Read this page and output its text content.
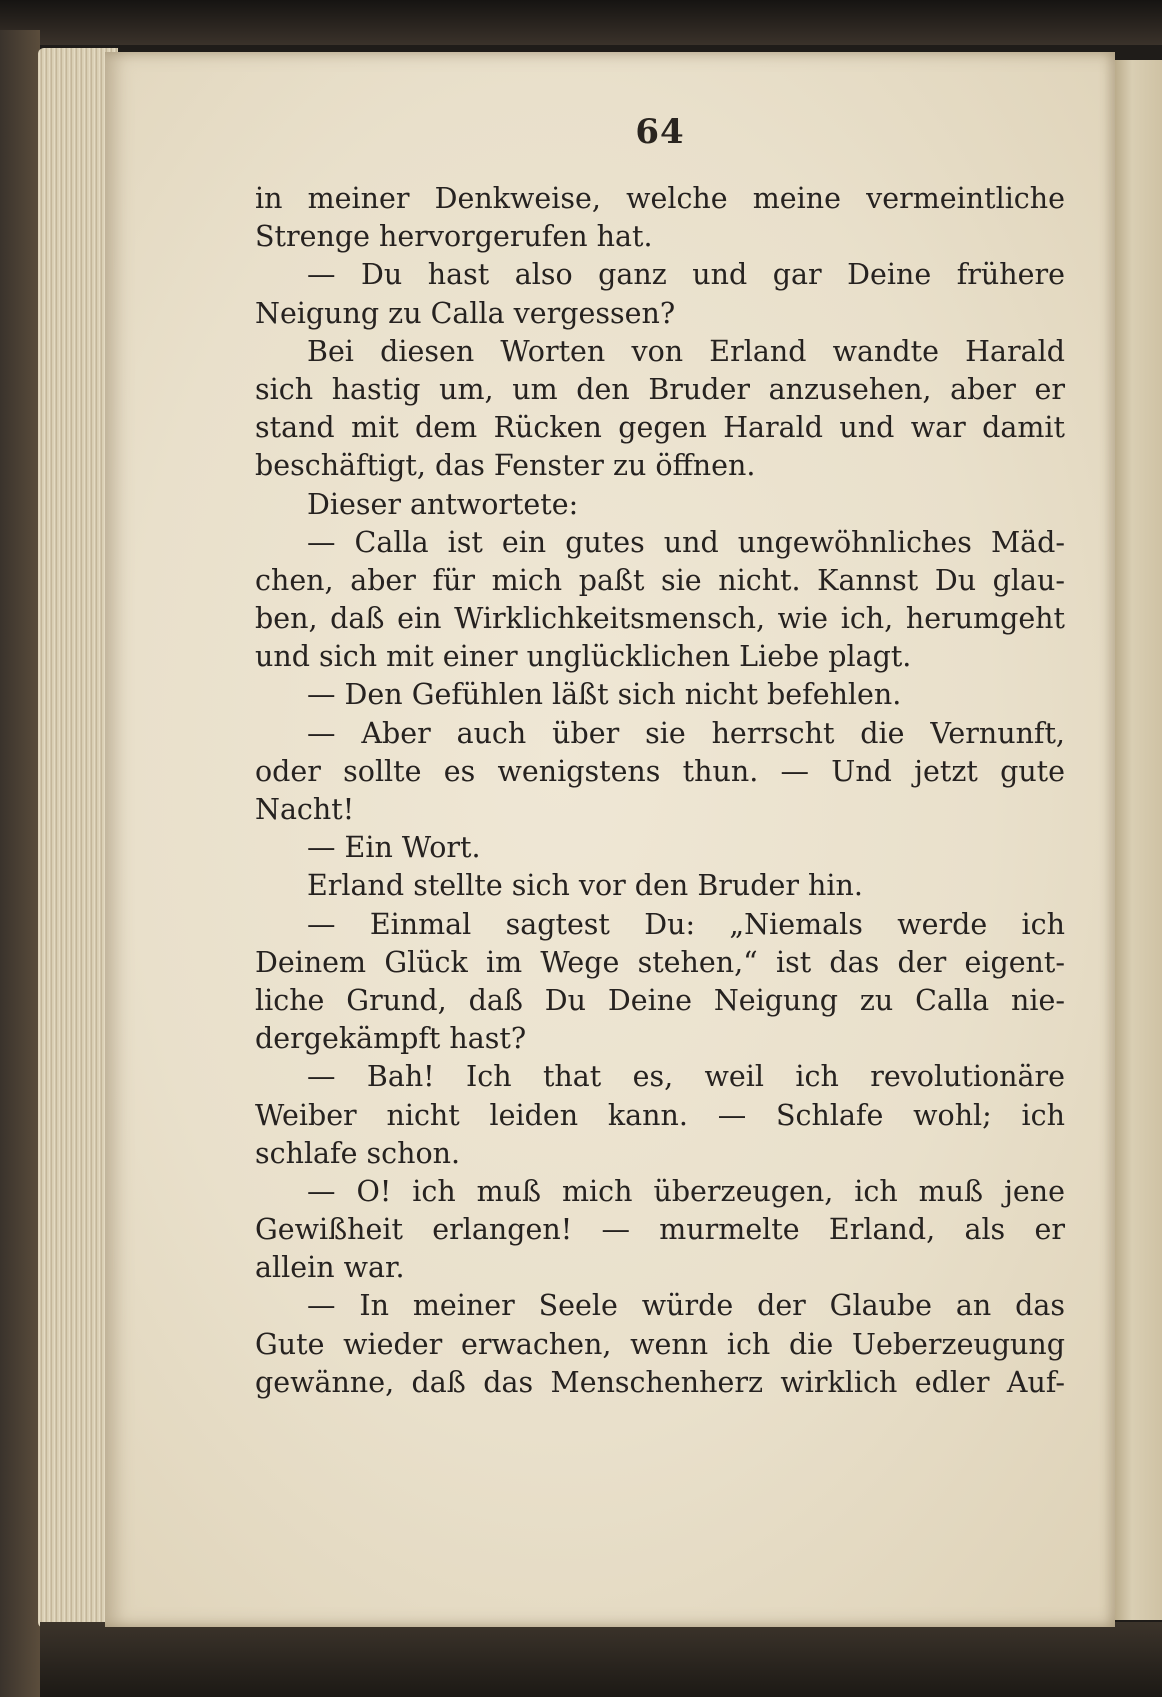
64
in meiner Denkweise, welche meine vermeintliche
Strenge hervorgerufen hat.
— Du hast also ganz und gar Deine frühere
Neigung zu Calla vergessen?
Bei diesen Worten von Erland wandte Harald
sich hastig um, um den Bruder anzusehen, aber er
stand mit dem Rücken gegen Harald und war damit
beschäftigt, das Fenster zu öffnen.
Dieser antwortete:
— Calla ist ein gutes und ungewöhnliches Mäd-
chen, aber für mich paßt sie nicht. Kannst Du glau-
ben, daß ein Wirklichkeitsmensch, wie ich, herumgeht
und sich mit einer unglücklichen Liebe plagt.
— Den Gefühlen läßt sich nicht befehlen.
— Aber auch über sie herrscht die Vernunft,
oder sollte es wenigstens thun. — Und jetzt gute
Nacht!
— Ein Wort.
Erland stellte sich vor den Bruder hin.
— Einmal sagtest Du: „Niemals werde ich
Deinem Glück im Wege stehen,“ ist das der eigent-
liche Grund, daß Du Deine Neigung zu Calla nie-
dergekämpft hast?
— Bah! Ich that es, weil ich revolutionäre
Weiber nicht leiden kann. — Schlafe wohl; ich
schlafe schon.
— O! ich muß mich überzeugen, ich muß jene
Gewißheit erlangen! — murmelte Erland, als er
allein war.
— In meiner Seele würde der Glaube an das
Gute wieder erwachen, wenn ich die Ueberzeugung
gewänne, daß das Menschenherz wirklich edler Auf-
